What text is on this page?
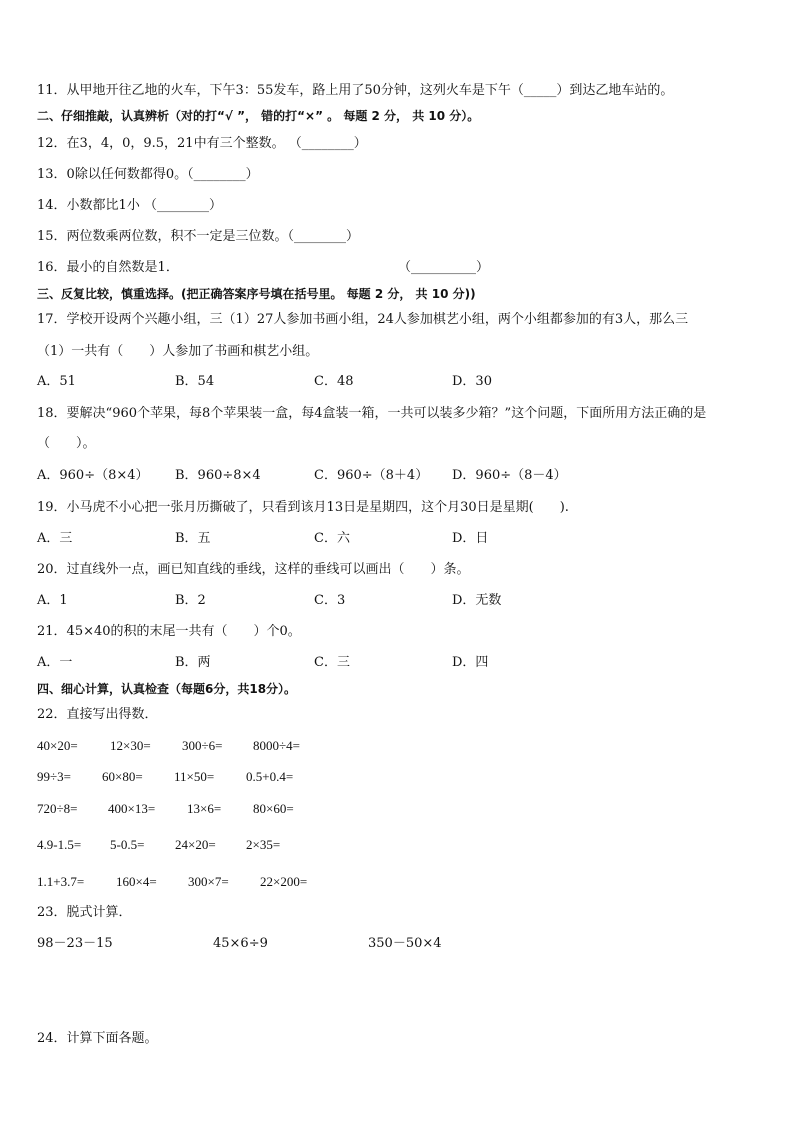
11．从甲地开往乙地的火车，下午3：55发车，路上用了50分钟，这列火车是下午（_____）到达乙地车站的。
二、仔细推敲，认真辨析（对的打“√ ”， 错的打“×” 。 每题 2 分， 共 10 分）。
12．在3，4，0，9.5，21中有三个整数。 （________）
13．0除以任何数都得0。（________）
14．小数都比1小 （________）
15．两位数乘两位数，积不一定是三位数。（________）
16．最小的自然数是1．	（__________）
三、反复比较，慎重选择。(把正确答案序号填在括号里。 每题 2 分， 共 10 分))
17．学校开设两个兴趣小组，三（1）27人参加书画小组，24人参加棋艺小组，两个小组都参加的有3人，那么三
（1）一共有（　　）人参加了书画和棋艺小组。
A．51	B．54	C．48	D．30
18．要解决“960个苹果，每8个苹果装一盒，每4盒装一箱，一共可以装多少箱？”这个问题，下面所用方法正确的是
（　　）。
A．960÷（8×4） B．960÷8×4	C．960÷（8＋4） D．960÷（8－4）
19．小马虎不小心把一张月历撕破了，只看到该月13日是星期四，这个月30日是星期(　　).
A．三	B．五	C．六	D．日
20．过直线外一点，画已知直线的垂线，这样的垂线可以画出（　　）条。
A．1	B．2	C．3	D．无数
21．45×40的积的末尾一共有（　　）个0。
A．一	B．两	C．三	D．四
四、细心计算，认真检查（每题6分，共18分）。
22．直接写出得数．
40×20= 12×30= 300÷6= 8000÷4=
99÷3= 60×80= 11×50= 0.5+0.4=
720÷8= 400×13= 13×6= 80×60=
4.9-1.5= 5-0.5= 24×20= 2×35=
1.1+3.7= 160×4= 300×7= 22×200=
23．脱式计算．
98－23－15	45×6÷9	350－50×4
24．计算下面各题。
